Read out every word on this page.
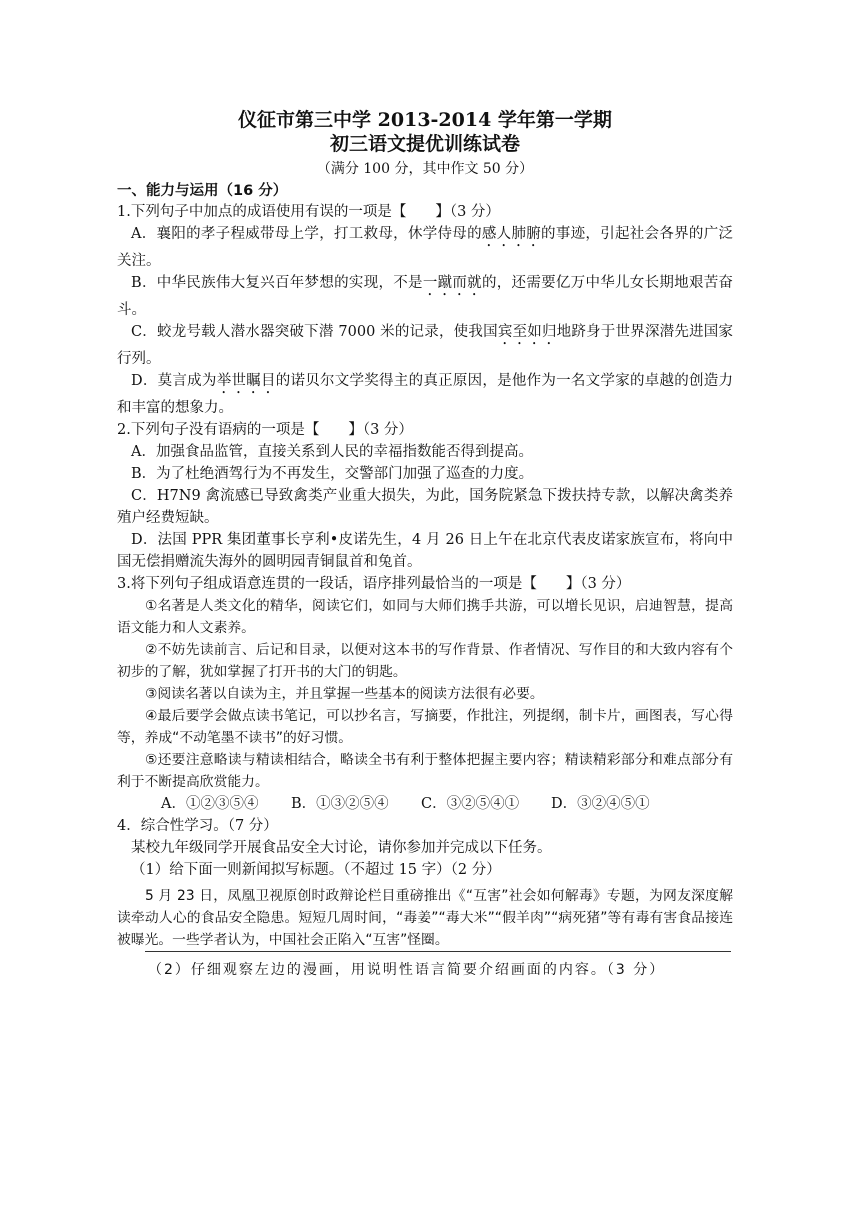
仪征市第三中学 2013-2014 学年第一学期
初三语文提优训练试卷
（满分 100 分，其中作文 50 分）
一、能力与运用（16 分）
1.下列句子中加点的成语使用有误的一项是【　　】（3 分）
A．襄阳的孝子程威带母上学，打工救母，休学侍母的感人肺腑的事迹，引起社会各界的广泛关注。
B．中华民族伟大复兴百年梦想的实现，不是一蹴而就的，还需要亿万中华儿女长期地艰苦奋斗。
C．蛟龙号载人潜水器突破下潜 7000 米的记录，使我国宾至如归地跻身于世界深潜先进国家行列。
D．莫言成为举世瞩目的诺贝尔文学奖得主的真正原因，是他作为一名文学家的卓越的创造力和丰富的想象力。
2.下列句子没有语病的一项是【　　】（3 分）
A．加强食品监管，直接关系到人民的幸福指数能否得到提高。
B．为了杜绝酒驾行为不再发生，交警部门加强了巡查的力度。
C．H7N9 禽流感已导致禽类产业重大损失，为此，国务院紧急下拨扶持专款，以解决禽类养殖户经费短缺。
D．法国 PPR 集团董事长亨利•皮诺先生，4 月 26 日上午在北京代表皮诺家族宣布，将向中国无偿捐赠流失海外的圆明园青铜鼠首和兔首。
3.将下列句子组成语意连贯的一段话，语序排列最恰当的一项是【　　】（3 分）
①名著是人类文化的精华，阅读它们，如同与大师们携手共游，可以增长见识，启迪智慧，提高语文能力和人文素养。
②不妨先读前言、后记和目录，以便对这本书的写作背景、作者情况、写作目的和大致内容有个初步的了解，犹如掌握了打开书的大门的钥匙。
③阅读名著以自读为主，并且掌握一些基本的阅读方法很有必要。
④最后要学会做点读书笔记，可以抄名言，写摘要，作批注，列提纲，制卡片，画图表，写心得等，养成“不动笔墨不读书”的好习惯。
⑤还要注意略读与精读相结合，略读全书有利于整体把握主要内容；精读精彩部分和难点部分有利于不断提高欣赏能力。
A．①②③⑤④	B．①③②⑤④	C．③②⑤④①	D．③②④⑤①
4．综合性学习。（7 分）
某校九年级同学开展食品安全大讨论，请你参加并完成以下任务。
（1）给下面一则新闻拟写标题。（不超过 15 字）（2 分）
5 月 23 日，凤凰卫视原创时政辩论栏目重磅推出《“互害”社会如何解毒》专题，为网友深度解读牵动人心的食品安全隐患。短短几周时间，“毒姜”“毒大米”“假羊肉”“病死猪”等有毒有害食品接连被曝光。一些学者认为，中国社会正陷入“互害”怪圈。
（2）仔细观察左边的漫画，用说明性语言简要介绍画面的内容。（3 分）
